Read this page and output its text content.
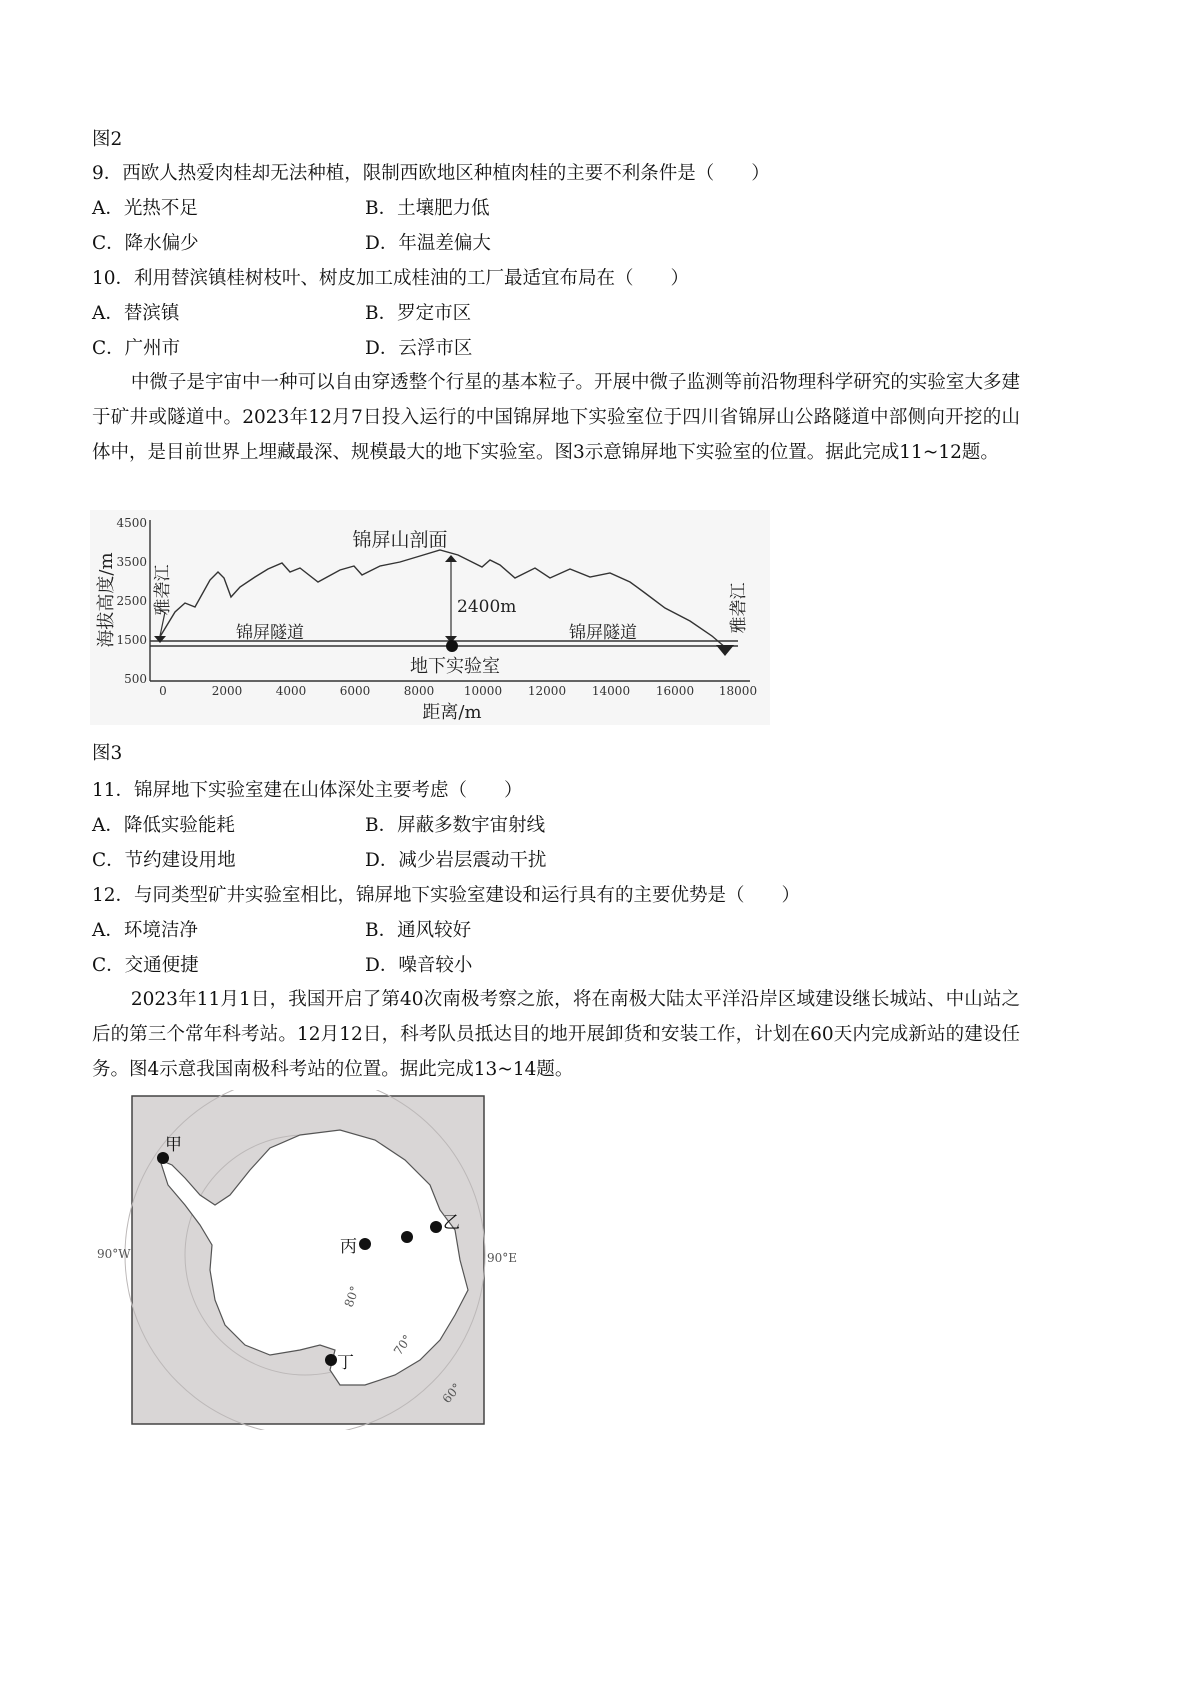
图2
9．西欧人热爱肉桂却无法种植，限制西欧地区种植肉桂的主要不利条件是（　　）
A．光热不足	B．土壤肥力低
C．降水偏少	D．年温差偏大
10．利用替滨镇桂树枝叶、树皮加工成桂油的工厂最适宜布局在（　　）
A．替滨镇	B．罗定市区
C．广州市	D．云浮市区
中微子是宇宙中一种可以自由穿透整个行星的基本粒子。开展中微子监测等前沿物理科学研究的实验室大多建于矿井或隧道中。2023年12月7日投入运行的中国锦屏地下实验室位于四川省锦屏山公路隧道中部侧向开挖的山体中，是目前世界上埋藏最深、规模最大的地下实验室。图3示意锦屏地下实验室的位置。据此完成11~12题。
4500
3500
2500
1500
500
0	2000	4000	6000	8000 10000 12000 14000 16000 18000
锦屏山剖面
2400m
锦屏隧道	锦屏隧道
地下实验室
距离/m
海拔高度/m 雅砻江	雅砻江
图3
11．锦屏地下实验室建在山体深处主要考虑（　　）
A．降低实验能耗	B．屏蔽多数宇宙射线
C．节约建设用地	D．减少岩层震动干扰
12．与同类型矿井实验室相比，锦屏地下实验室建设和运行具有的主要优势是（　　）
A．环境洁净	B．通风较好
C．交通便捷	D．噪音较小
2023年11月1日，我国开启了第40次南极考察之旅，将在南极大陆太平洋沿岸区域建设继长城站、中山站之后的第三个常年科考站。12月12日，科考队员抵达目的地开展卸货和安装工作，计划在60天内完成新站的建设任务。图4示意我国南极科考站的位置。据此完成13~14题。
甲
乙
丙
丁
90°W	90°E
80°
70°
60°
